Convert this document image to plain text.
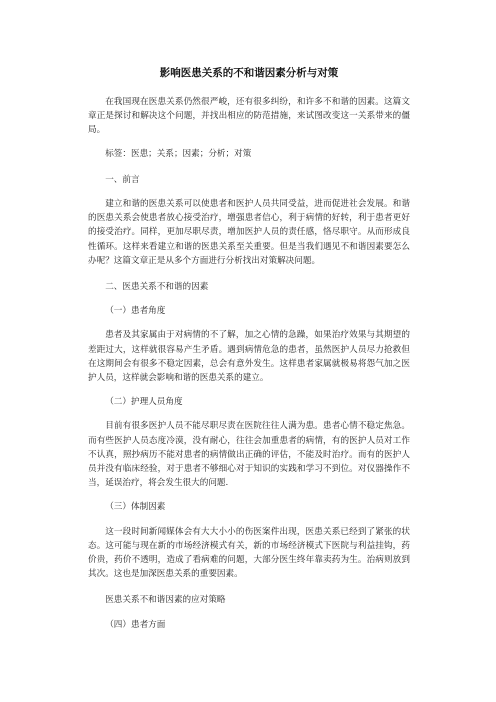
影响医患关系的不和谐因素分析与对策

在我国现在医患关系仍然很严峻，还有很多纠纷，和许多不和谐的因素。这篇文章正是探讨和解决这个问题，并找出相应的防范措施，来试图改变这一关系带来的僵局。

标签：医患；关系；因素；分析；对策

一、前言

建立和谐的医患关系可以使患者和医护人员共同受益，进而促进社会发展。和谐的医患关系会使患者放心接受治疗，增强患者信心，利于病情的好转，利于患者更好的接受治疗。同样，更加尽职尽责，增加医护人员的责任感，恪尽职守。从而形成良性循环。这样来看建立和谐的医患关系至关重要。但是当我们遇见不和谐因素要怎么办呢？这篇文章正是从多个方面进行分析找出对策解决问题。

二、医患关系不和谐的因素

（一）患者角度

患者及其家属由于对病情的不了解，加之心情的急躁，如果治疗效果与其期望的差距过大，这样就很容易产生矛盾。遇到病情危急的患者，虽然医护人员尽力抢救但在这期间会有很多不稳定因素，总会有意外发生。这样患者家属就极易将怨气加之医护人员，这样就会影响和谐的医患关系的建立。

（二）护理人员角度

目前有很多医护人员不能尽职尽责在医院往往人满为患。患者心情不稳定焦急。而有些医护人员态度冷漠，没有耐心，往往会加重患者的病情，有的医护人员对工作不认真，照抄病历不能对患者的病情做出正确的评估，不能及时治疗。而有的医护人员并没有临床经验，对于患者不够细心对于知识的实践和学习不到位。对仪器操作不当，延误治疗，将会发生很大的问题.

（三）体制因素

这一段时间新闻媒体会有大大小小的伤医案件出现，医患关系已经到了紧张的状态。这可能与现在新的市场经济模式有关，新的市场经济模式下医院与利益挂钩，药价贵，药价不透明，造成了看病难的问题，大部分医生终年靠卖药为生。治病则放到其次。这也是加深医患关系的重要因素。

医患关系不和谐因素的应对策略

（四）患者方面
